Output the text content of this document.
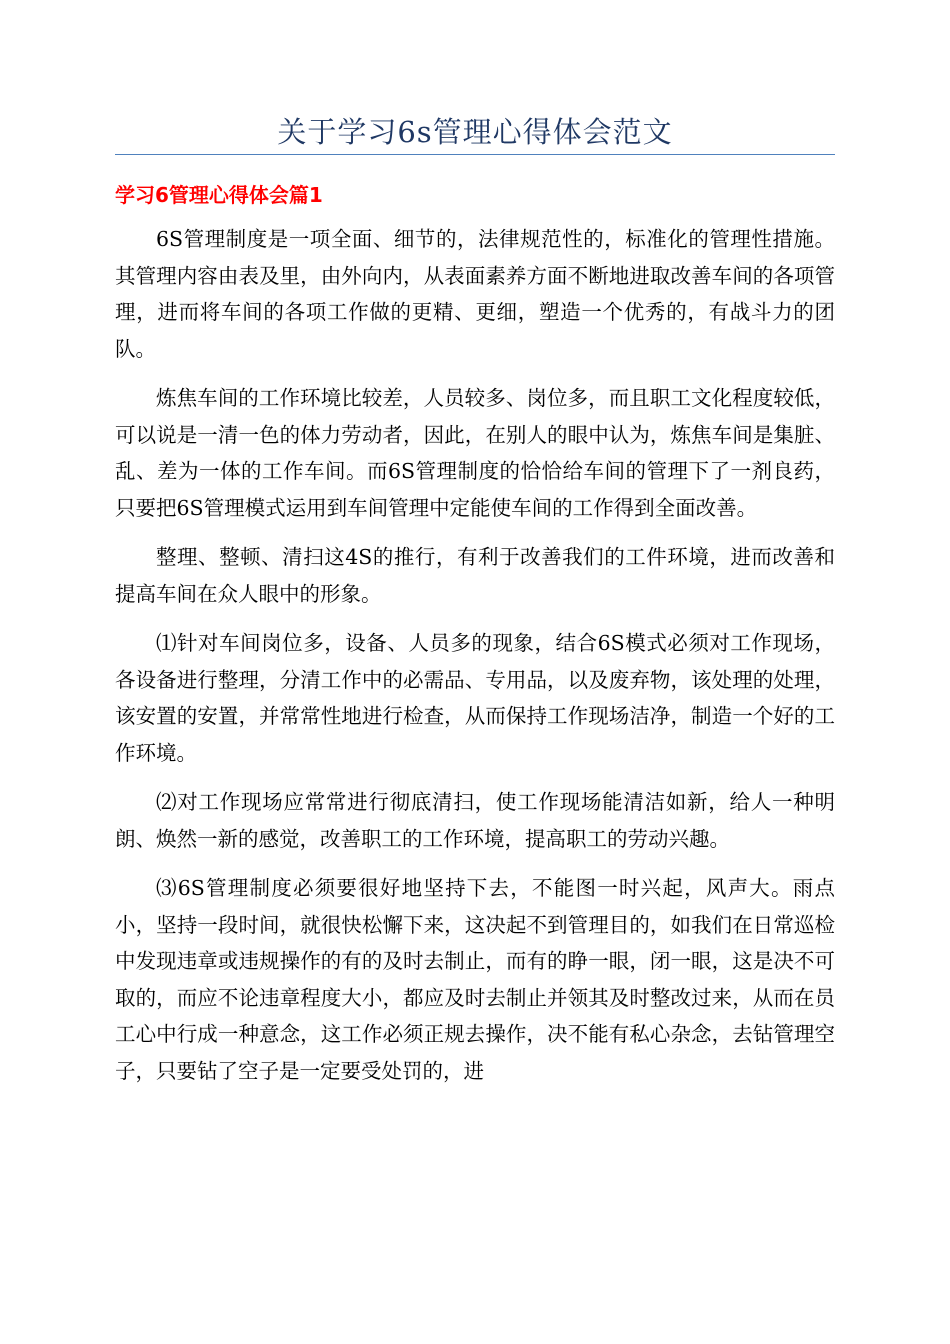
关于学习6s管理心得体会范文
学习6管理心得体会篇1

6S管理制度是一项全面、细节的，法律规范性的，标准化的管理性措施。其管理内容由表及里，由外向内，从表面素养方面不断地进取改善车间的各项管理，进而将车间的各项工作做的更精、更细，塑造一个优秀的，有战斗力的团队。

炼焦车间的工作环境比较差，人员较多、岗位多，而且职工文化程度较低，可以说是一清一色的体力劳动者，因此，在别人的眼中认为，炼焦车间是集脏、乱、差为一体的工作车间。而6S管理制度的恰恰给车间的管理下了一剂良药，只要把6S管理模式运用到车间管理中定能使车间的工作得到全面改善。

整理、整顿、清扫这4S的推行，有利于改善我们的工件环境，进而改善和提高车间在众人眼中的形象。

⑴针对车间岗位多，设备、人员多的现象，结合6S模式必须对工作现场，各设备进行整理，分清工作中的必需品、专用品，以及废弃物，该处理的处理，该安置的安置，并常常性地进行检查，从而保持工作现场洁净，制造一个好的工作环境。

⑵对工作现场应常常进行彻底清扫，使工作现场能清洁如新，给人一种明朗、焕然一新的感觉，改善职工的工作环境，提高职工的劳动兴趣。

⑶6S管理制度必须要很好地坚持下去，不能图一时兴起，风声大。雨点小，坚持一段时间，就很快松懈下来，这决起不到管理目的，如我们在日常巡检中发现违章或违规操作的有的及时去制止，而有的睁一眼，闭一眼，这是决不可取的，而应不论违章程度大小，都应及时去制止并领其及时整改过来，从而在员工心中行成一种意念，这工作必须正规去操作，决不能有私心杂念，去钻管理空子，只要钻了空子是一定要受处罚的，进
